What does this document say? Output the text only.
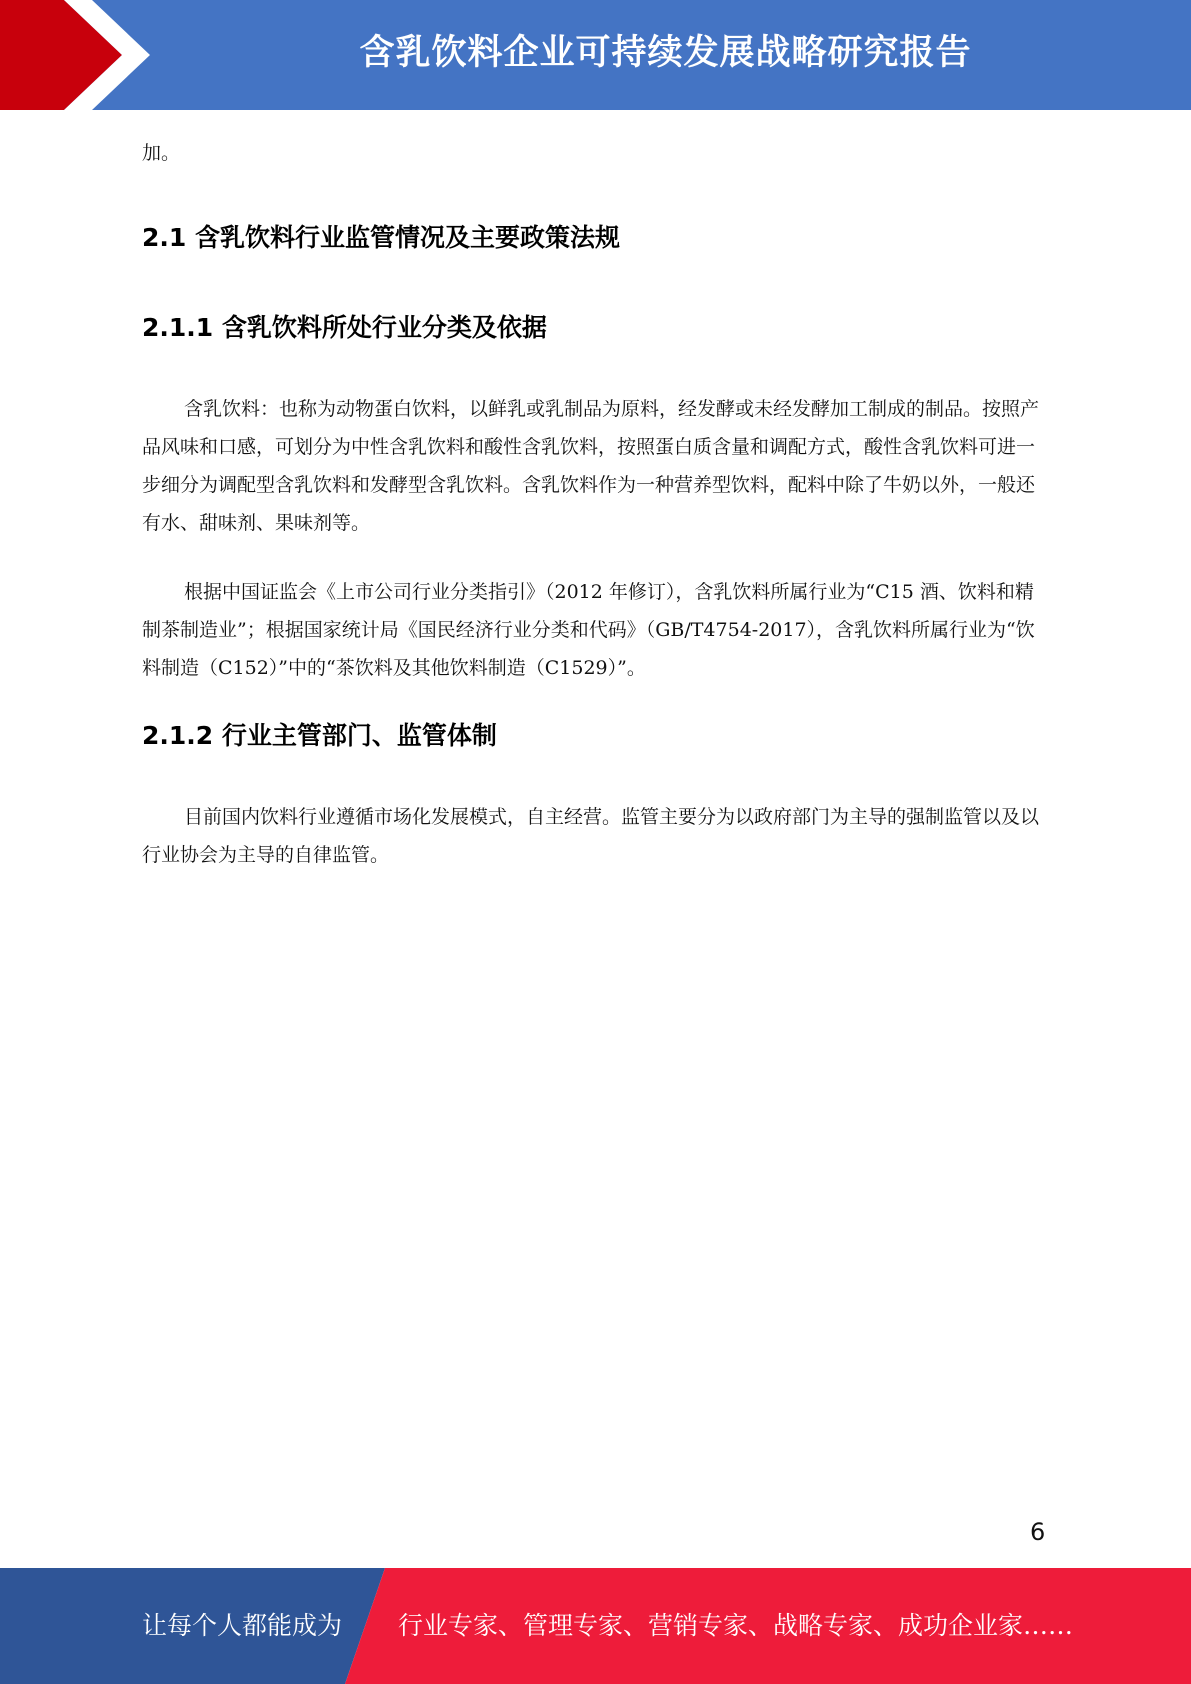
含乳饮料企业可持续发展战略研究报告

加。

2.1 含乳饮料行业监管情况及主要政策法规
2.1.1 含乳饮料所处行业分类及依据

含乳饮料：也称为动物蛋白饮料，以鲜乳或乳制品为原料，经发酵或未经发酵加工制成的制品。按照产品风味和口感，可划分为中性含乳饮料和酸性含乳饮料，按照蛋白质含量和调配方式，酸性含乳饮料可进一步细分为调配型含乳饮料和发酵型含乳饮料。含乳饮料作为一种营养型饮料，配料中除了牛奶以外，一般还有水、甜味剂、果味剂等。

根据中国证监会《上市公司行业分类指引》（2012 年修订），含乳饮料所属行业为“C15 酒、饮料和精制茶制造业”；根据国家统计局《国民经济行业分类和代码》（GB/T4754-2017），含乳饮料所属行业为“饮料制造（C152）”中的“茶饮料及其他饮料制造（C1529）”。

2.1.2 行业主管部门、监管体制

目前国内饮料行业遵循市场化发展模式，自主经营。监管主要分为以政府部门为主导的强制监管以及以行业协会为主导的自律监管。

6
让每个人都能成为 行业专家、管理专家、营销专家、战略专家、成功企业家……
